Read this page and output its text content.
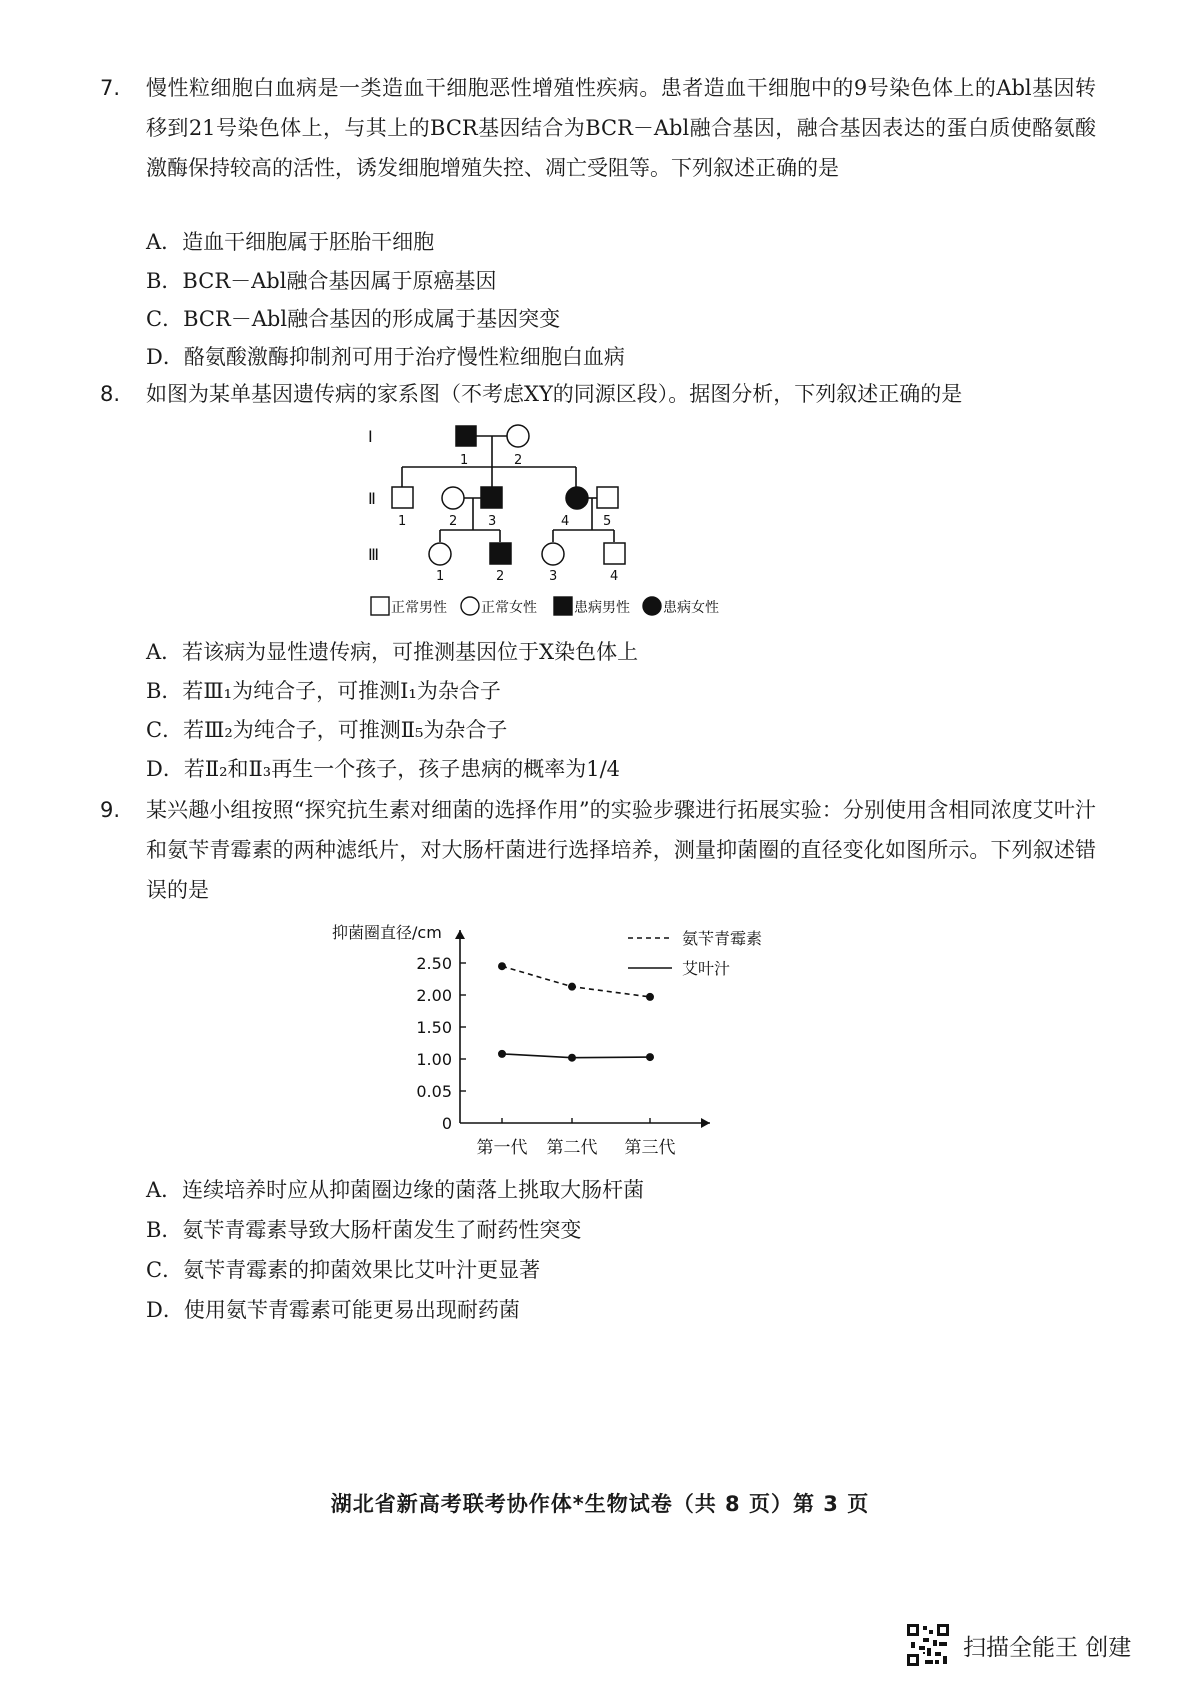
7. 慢性粒细胞白血病是一类造血干细胞恶性增殖性疾病。患者造血干细胞中的9号染色体上的Abl基因转移到21号染色体上，与其上的BCR基因结合为BCR－Abl融合基因，融合基因表达的蛋白质使酪氨酸激酶保持较高的活性，诱发细胞增殖失控、凋亡受阻等。下列叙述正确的是
A．造血干细胞属于胚胎干细胞
B．BCR－Abl融合基因属于原癌基因
C．BCR－Abl融合基因的形成属于基因突变
D．酪氨酸激酶抑制剂可用于治疗慢性粒细胞白血病
8. 如图为某单基因遗传病的家系图（不考虑XY的同源区段）。据图分析，下列叙述正确的是
Ⅰ
Ⅱ
Ⅲ
1	2
1	2 3	4	5
1	2	3	4
正常男性 正常女性	患病男性 患病女性
A．若该病为显性遗传病，可推测基因位于X染色体上
B．若Ⅲ₁为纯合子，可推测Ⅰ₁为杂合子
C．若Ⅲ₂为纯合子，可推测Ⅱ₅为杂合子
D．若Ⅱ₂和Ⅱ₃再生一个孩子，孩子患病的概率为1/4
9. 某兴趣小组按照“探究抗生素对细菌的选择作用”的实验步骤进行拓展实验：分别使用含相同浓度艾叶汁和氨苄青霉素的两种滤纸片，对大肠杆菌进行选择培养，测量抑菌圈的直径变化如图所示。下列叙述错误的是
抑菌圈直径/cm
0
0.05
1.00
1.50
2.00
2.50
氨苄青霉素
艾叶汁
第一代 第二代 第三代
A．连续培养时应从抑菌圈边缘的菌落上挑取大肠杆菌
B．氨苄青霉素导致大肠杆菌发生了耐药性突变
C．氨苄青霉素的抑菌效果比艾叶汁更显著
D．使用氨苄青霉素可能更易出现耐药菌
湖北省新高考联考协作体*生物试卷（共 8 页）第 3 页
扫描全能王 创建
